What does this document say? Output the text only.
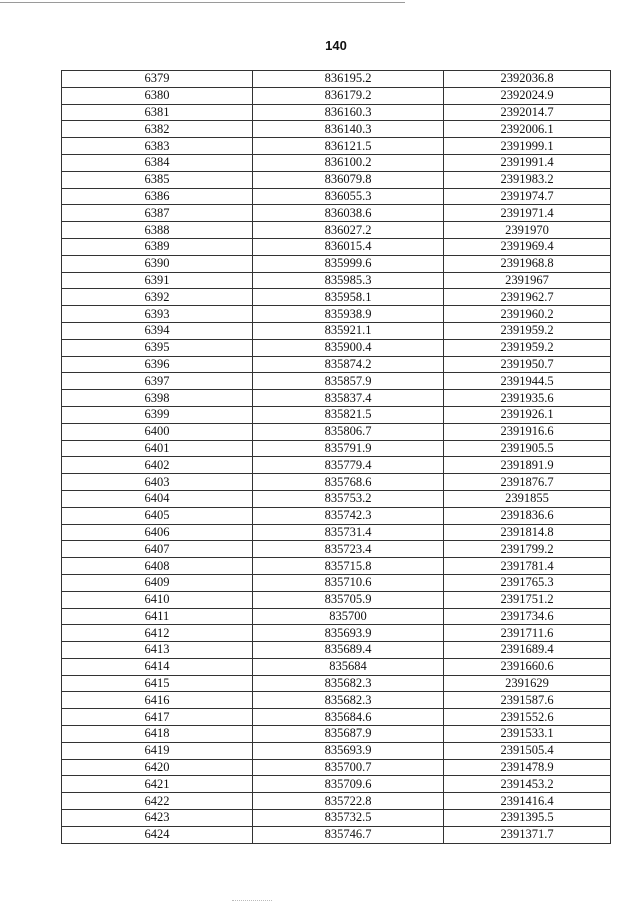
140
6379	836195.2	2392036.8
6380	836179.2	2392024.9
6381	836160.3	2392014.7
6382	836140.3	2392006.1
6383	836121.5	2391999.1
6384	836100.2	2391991.4
6385	836079.8	2391983.2
6386	836055.3	2391974.7
6387	836038.6	2391971.4
6388	836027.2	2391970
6389	836015.4	2391969.4
6390	835999.6	2391968.8
6391	835985.3	2391967
6392	835958.1	2391962.7
6393	835938.9	2391960.2
6394	835921.1	2391959.2
6395	835900.4	2391959.2
6396	835874.2	2391950.7
6397	835857.9	2391944.5
6398	835837.4	2391935.6
6399	835821.5	2391926.1
6400	835806.7	2391916.6
6401	835791.9	2391905.5
6402	835779.4	2391891.9
6403	835768.6	2391876.7
6404	835753.2	2391855
6405	835742.3	2391836.6
6406	835731.4	2391814.8
6407	835723.4	2391799.2
6408	835715.8	2391781.4
6409	835710.6	2391765.3
6410	835705.9	2391751.2
6411	835700	2391734.6
6412	835693.9	2391711.6
6413	835689.4	2391689.4
6414	835684	2391660.6
6415	835682.3	2391629
6416	835682.3	2391587.6
6417	835684.6	2391552.6
6418	835687.9	2391533.1
6419	835693.9	2391505.4
6420	835700.7	2391478.9
6421	835709.6	2391453.2
6422	835722.8	2391416.4
6423	835732.5	2391395.5
6424	835746.7	2391371.7
